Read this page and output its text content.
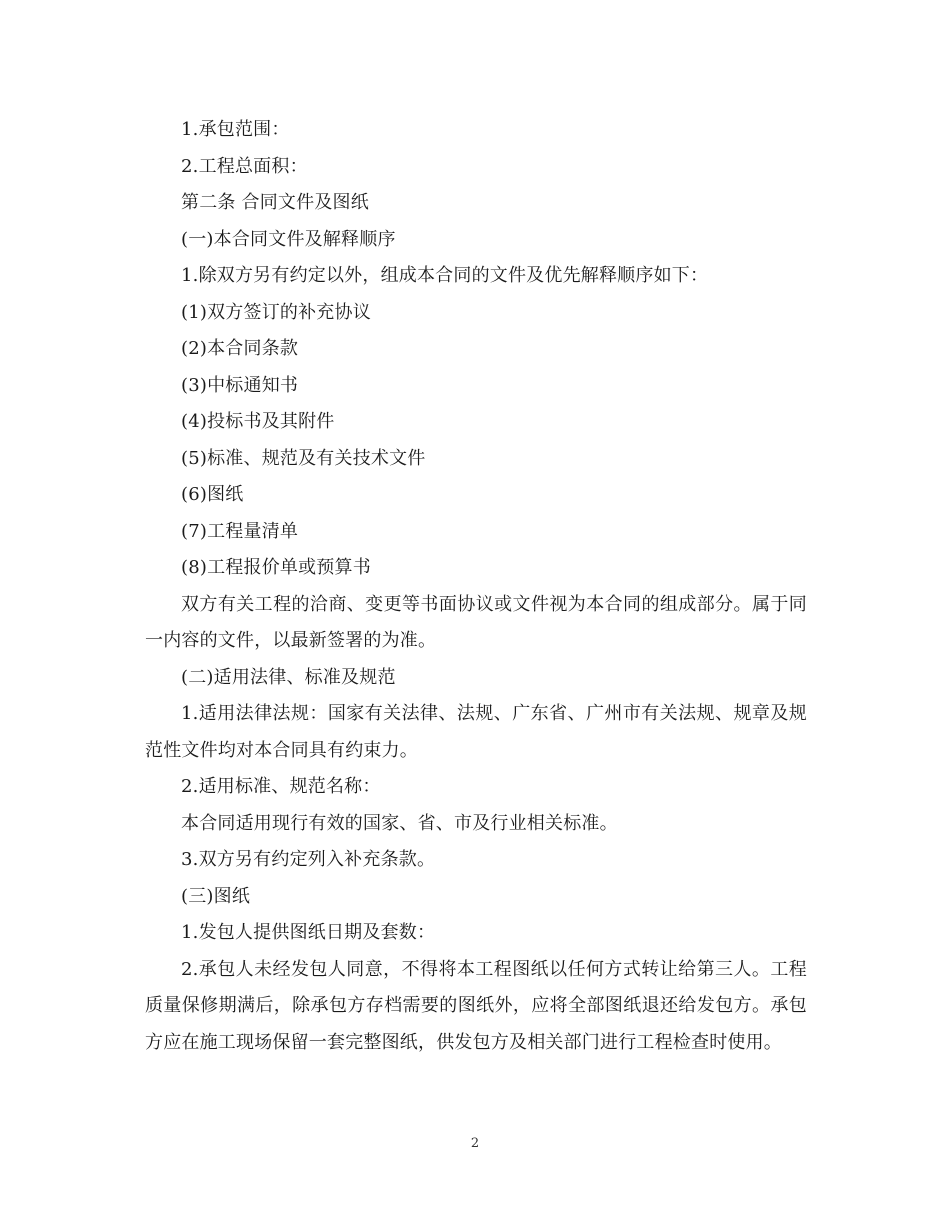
1.承包范围：

2.工程总面积：

第二条 合同文件及图纸

(一)本合同文件及解释顺序

1.除双方另有约定以外，组成本合同的文件及优先解释顺序如下：

(1)双方签订的补充协议

(2)本合同条款

(3)中标通知书

(4)投标书及其附件

(5)标准、规范及有关技术文件

(6)图纸

(7)工程量清单

(8)工程报价单或预算书

双方有关工程的洽商、变更等书面协议或文件视为本合同的组成部分。属于同一内容的文件，以最新签署的为准。

(二)适用法律、标准及规范

1.适用法律法规：国家有关法律、法规、广东省、广州市有关法规、规章及规范性文件均对本合同具有约束力。

2.适用标准、规范名称：

本合同适用现行有效的国家、省、市及行业相关标准。

3.双方另有约定列入补充条款。

(三)图纸

1.发包人提供图纸日期及套数：

2.承包人未经发包人同意，不得将本工程图纸以任何方式转让给第三人。工程质量保修期满后，除承包方存档需要的图纸外，应将全部图纸退还给发包方。承包方应在施工现场保留一套完整图纸，供发包方及相关部门进行工程检查时使用。

2
